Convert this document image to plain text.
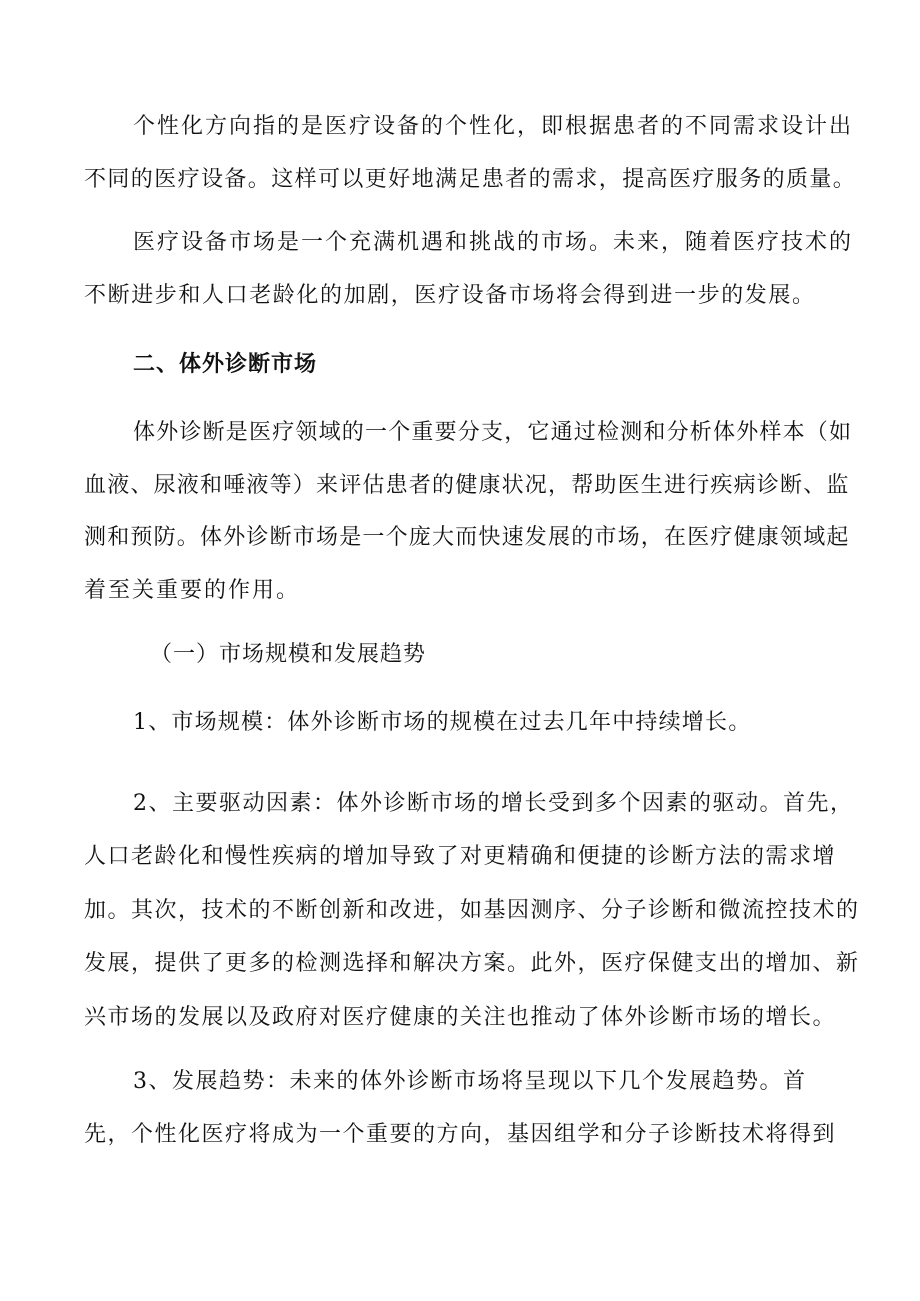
个性化方向指的是医疗设备的个性化，即根据患者的不同需求设计出
不同的医疗设备。这样可以更好地满足患者的需求，提高医疗服务的质量。
医疗设备市场是一个充满机遇和挑战的市场。未来，随着医疗技术的
不断进步和人口老龄化的加剧，医疗设备市场将会得到进一步的发展。
二、体外诊断市场
体外诊断是医疗领域的一个重要分支，它通过检测和分析体外样本（如
血液、尿液和唾液等）来评估患者的健康状况，帮助医生进行疾病诊断、监
测和预防。体外诊断市场是一个庞大而快速发展的市场，在医疗健康领域起
着至关重要的作用。
（一）市场规模和发展趋势
1、市场规模：体外诊断市场的规模在过去几年中持续增长。
2、主要驱动因素：体外诊断市场的增长受到多个因素的驱动。首先，
人口老龄化和慢性疾病的增加导致了对更精确和便捷的诊断方法的需求增
加。其次，技术的不断创新和改进，如基因测序、分子诊断和微流控技术的
发展，提供了更多的检测选择和解决方案。此外，医疗保健支出的增加、新
兴市场的发展以及政府对医疗健康的关注也推动了体外诊断市场的增长。
3、发展趋势：未来的体外诊断市场将呈现以下几个发展趋势。首
先，个性化医疗将成为一个重要的方向，基因组学和分子诊断技术将得到
